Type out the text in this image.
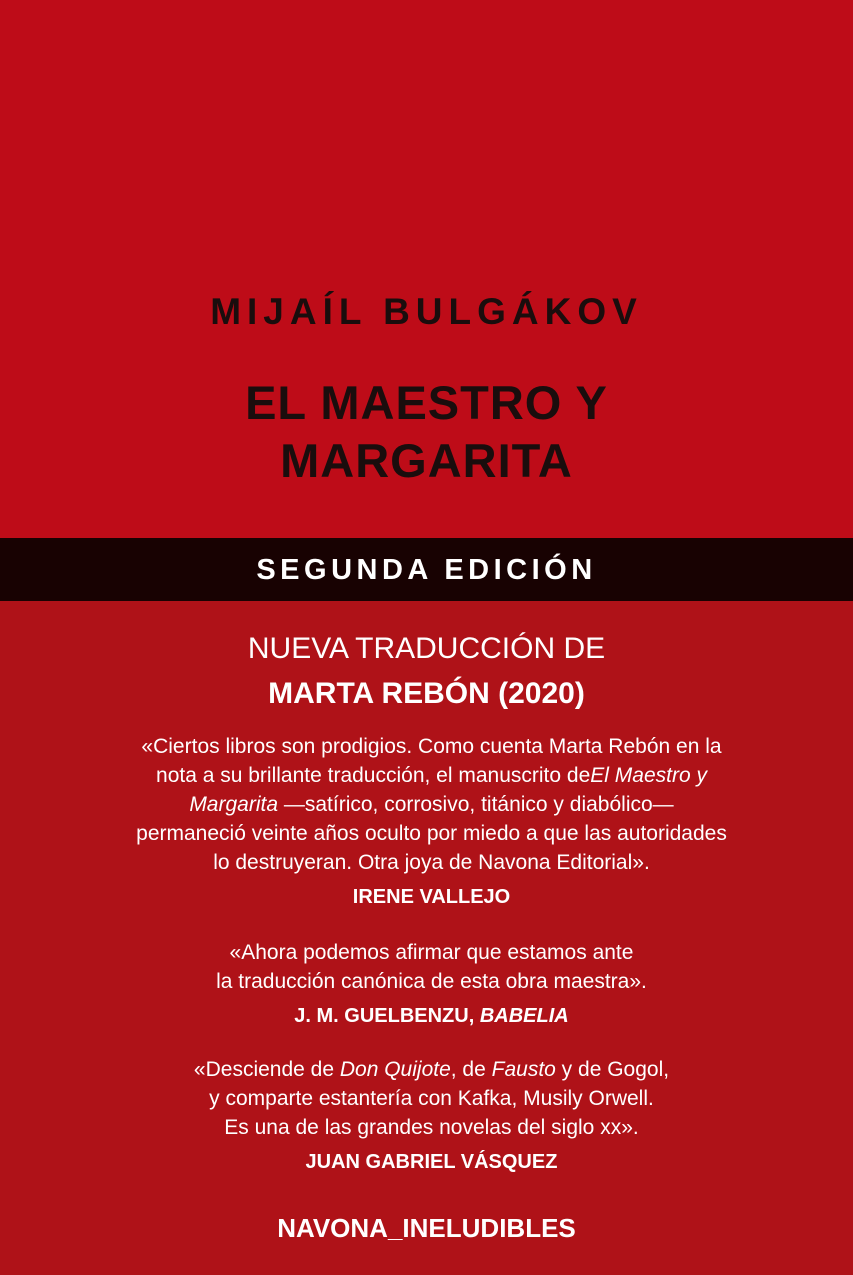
MIJAÍL BULGÁKOV
EL MAESTRO Y
MARGARITA
SEGUNDA EDICIÓN
NUEVA TRADUCCIÓN DE
MARTA REBÓN (2020)

«Ciertos libros son prodigios. Como cuenta Marta Rebón en la
nota a su brillante traducción, el manuscrito deEl Maestro y
Margarita —satírico, corrosivo, titánico y diabólico—
permaneció veinte años oculto por miedo a que las autoridades
lo destruyeran. Otra joya de Navona Editorial».

IRENE VALLEJO

«Ahora podemos afirmar que estamos ante
la traducción canónica de esta obra maestra».

J. M. GUELBENZU, BABELIA

«Desciende de Don Quijote, de Fausto y de Gogol,
y comparte estantería con Kafka, Musily Orwell.
Es una de las grandes novelas del siglo xx».

JUAN GABRIEL VÁSQUEZ
NAVONA_INELUDIBLES
